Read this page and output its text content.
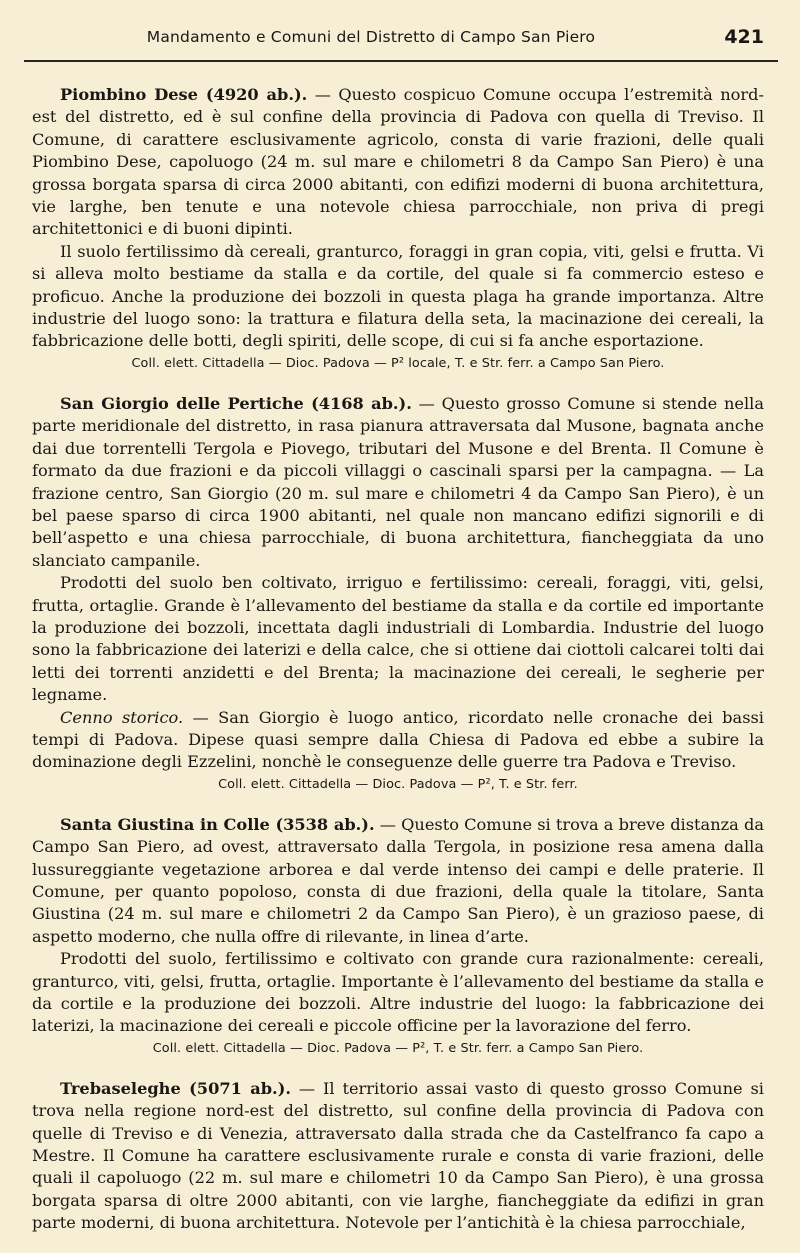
Mandamento e Comuni del Distretto di Campo San Piero	421

Piombino Dese (4920 ab.). — Questo cospicuo Comune occupa l’estremità nord-est del distretto, ed è sul confine della provincia di Padova con quella di Treviso. Il Comune, di carattere esclusivamente agricolo, consta di varie frazioni, delle quali Piombino Dese, capoluogo (24 m. sul mare e chilometri 8 da Campo San Piero) è una grossa borgata sparsa di circa 2000 abitanti, con edifizi moderni di buona architettura, vie larghe, ben tenute e una notevole chiesa parrocchiale, non priva di pregi architettonici e di buoni dipinti.

Il suolo fertilissimo dà cereali, granturco, foraggi in gran copia, viti, gelsi e frutta. Vi si alleva molto bestiame da stalla e da cortile, del quale si fa commercio esteso e proficuo. Anche la produzione dei bozzoli in questa plaga ha grande importanza. Altre industrie del luogo sono: la trattura e filatura della seta, la macinazione dei cereali, la fabbricazione delle botti, degli spiriti, delle scope, di cui si fa anche esportazione.

Coll. elett. Cittadella — Dioc. Padova — P² locale, T. e Str. ferr. a Campo San Piero.

San Giorgio delle Pertiche (4168 ab.). — Questo grosso Comune si stende nella parte meridionale del distretto, in rasa pianura attraversata dal Musone, bagnata anche dai due torrentelli Tergola e Piovego, tributari del Musone e del Brenta. Il Comune è formato da due frazioni e da piccoli villaggi o cascinali sparsi per la campagna. — La frazione centro, San Giorgio (20 m. sul mare e chilometri 4 da Campo San Piero), è un bel paese sparso di circa 1900 abitanti, nel quale non mancano edifizi signorili e di bell’aspetto e una chiesa parrocchiale, di buona architettura, fiancheggiata da uno slanciato campanile.

Prodotti del suolo ben coltivato, irriguo e fertilissimo: cereali, foraggi, viti, gelsi, frutta, ortaglie. Grande è l’allevamento del bestiame da stalla e da cortile ed importante la produzione dei bozzoli, incettata dagli industriali di Lombardia. Industrie del luogo sono la fabbricazione dei laterizi e della calce, che si ottiene dai ciottoli calcarei tolti dai letti dei torrenti anzidetti e del Brenta; la macinazione dei cereali, le segherie per legname.

Cenno storico. — San Giorgio è luogo antico, ricordato nelle cronache dei bassi tempi di Padova. Dipese quasi sempre dalla Chiesa di Padova ed ebbe a subire la dominazione degli Ezzelini, nonchè le conseguenze delle guerre tra Padova e Treviso.

Coll. elett. Cittadella — Dioc. Padova — P², T. e Str. ferr.

Santa Giustina in Colle (3538 ab.). — Questo Comune si trova a breve distanza da Campo San Piero, ad ovest, attraversato dalla Tergola, in posizione resa amena dalla lussureggiante vegetazione arborea e dal verde intenso dei campi e delle praterie. Il Comune, per quanto popoloso, consta di due frazioni, della quale la titolare, Santa Giustina (24 m. sul mare e chilometri 2 da Campo San Piero), è un grazioso paese, di aspetto moderno, che nulla offre di rilevante, in linea d’arte.

Prodotti del suolo, fertilissimo e coltivato con grande cura razionalmente: cereali, granturco, viti, gelsi, frutta, ortaglie. Importante è l’allevamento del bestiame da stalla e da cortile e la produzione dei bozzoli. Altre industrie del luogo: la fabbricazione dei laterizi, la macinazione dei cereali e piccole officine per la lavorazione del ferro.

Coll. elett. Cittadella — Dioc. Padova — P², T. e Str. ferr. a Campo San Piero.

Trebaseleghe (5071 ab.). — Il territorio assai vasto di questo grosso Comune si trova nella regione nord-est del distretto, sul confine della provincia di Padova con quelle di Treviso e di Venezia, attraversato dalla strada che da Castelfranco fa capo a Mestre. Il Comune ha carattere esclusivamente rurale e consta di varie frazioni, delle quali il capoluogo (22 m. sul mare e chilometri 10 da Campo San Piero), è una grossa borgata sparsa di oltre 2000 abitanti, con vie larghe, fiancheggiate da edifizi in gran parte moderni, di buona architettura. Notevole per l’antichità è la chiesa parrocchiale,
